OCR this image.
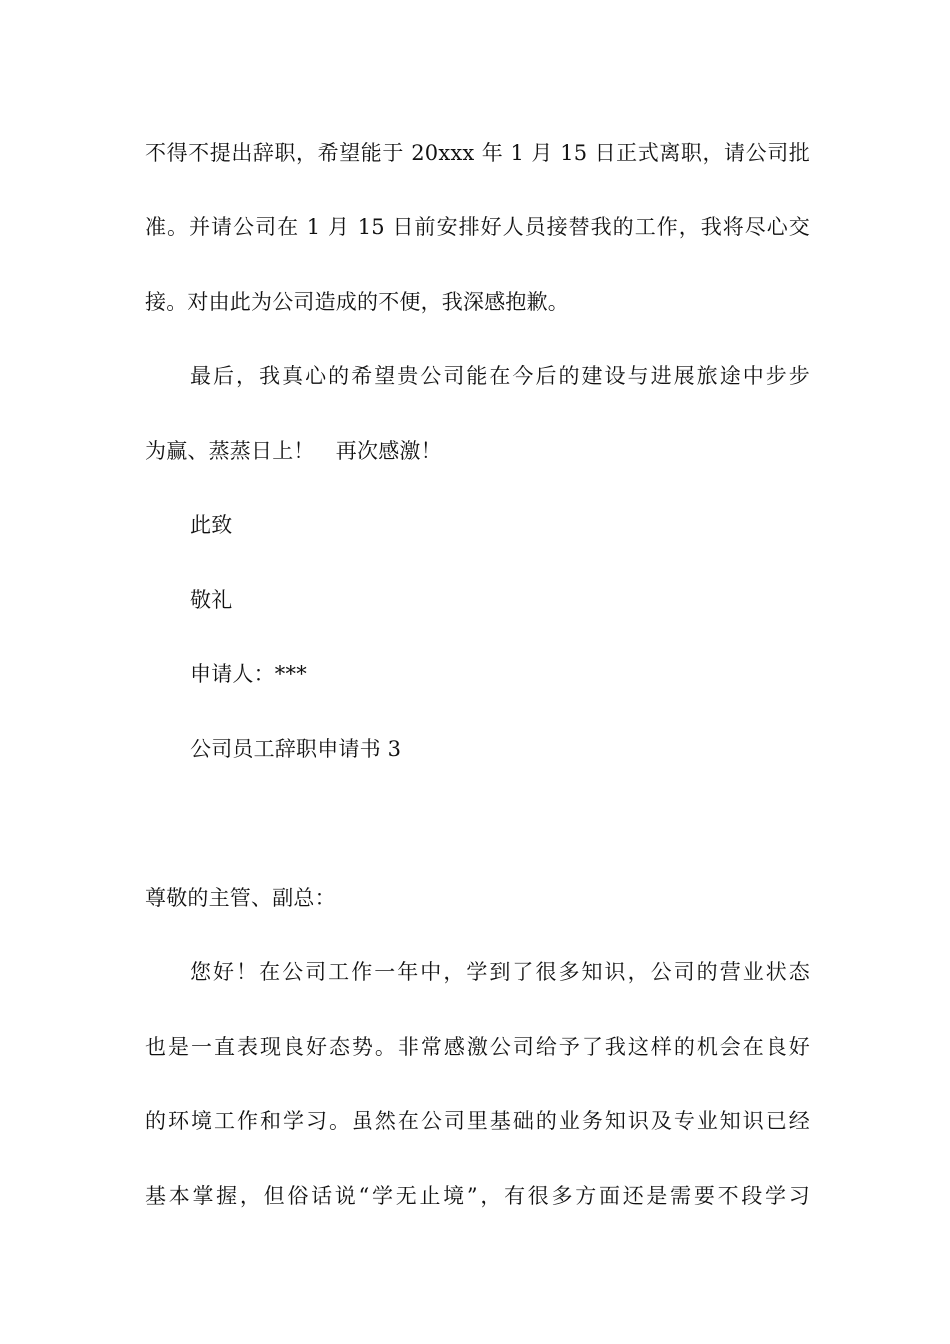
不得不提出辞职，希望能于 20xxx 年 1 月 15 日正式离职，请公司批
准。并请公司在 1 月 15 日前安排好人员接替我的工作，我将尽心交
接。对由此为公司造成的不便，我深感抱歉。
最后，我真心的希望贵公司能在今后的建设与进展旅途中步步
为赢、蒸蒸日上！　再次感激！
此致
敬礼
申请人：***
公司员工辞职申请书 3
尊敬的主管、副总：
您好！在公司工作一年中，学到了很多知识，公司的营业状态
也是一直表现良好态势。非常感激公司给予了我这样的机会在良好
的环境工作和学习。虽然在公司里基础的业务知识及专业知识已经
基本掌握，但俗话说“学无止境”，有很多方面还是需要不段学习
